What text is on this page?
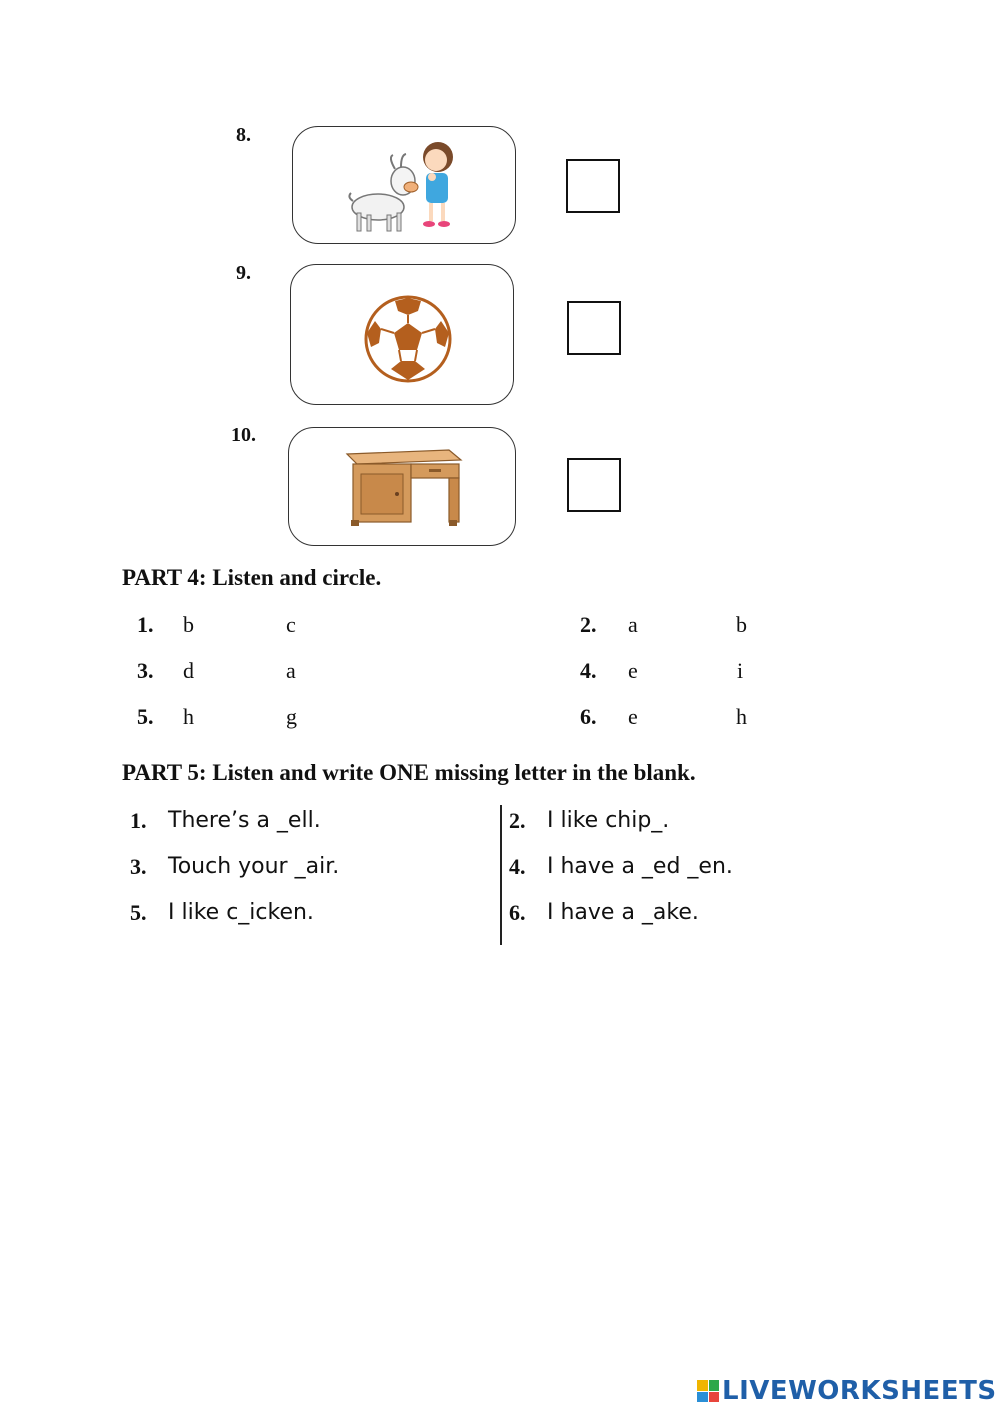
8.
9.
10.
PART 4: Listen and circle.
1. b	c	2. a	b
3. d	a	4. e	i
5. h	g	6. e	h
PART 5: Listen and write ONE missing letter in the blank.
1. There’s a _ell.	2. I like chip_.
3. Touch your _air.	4. I have a _ed _en.
5. I like c_icken.	6. I have a _ake.
LIVEWORKSHEETS
